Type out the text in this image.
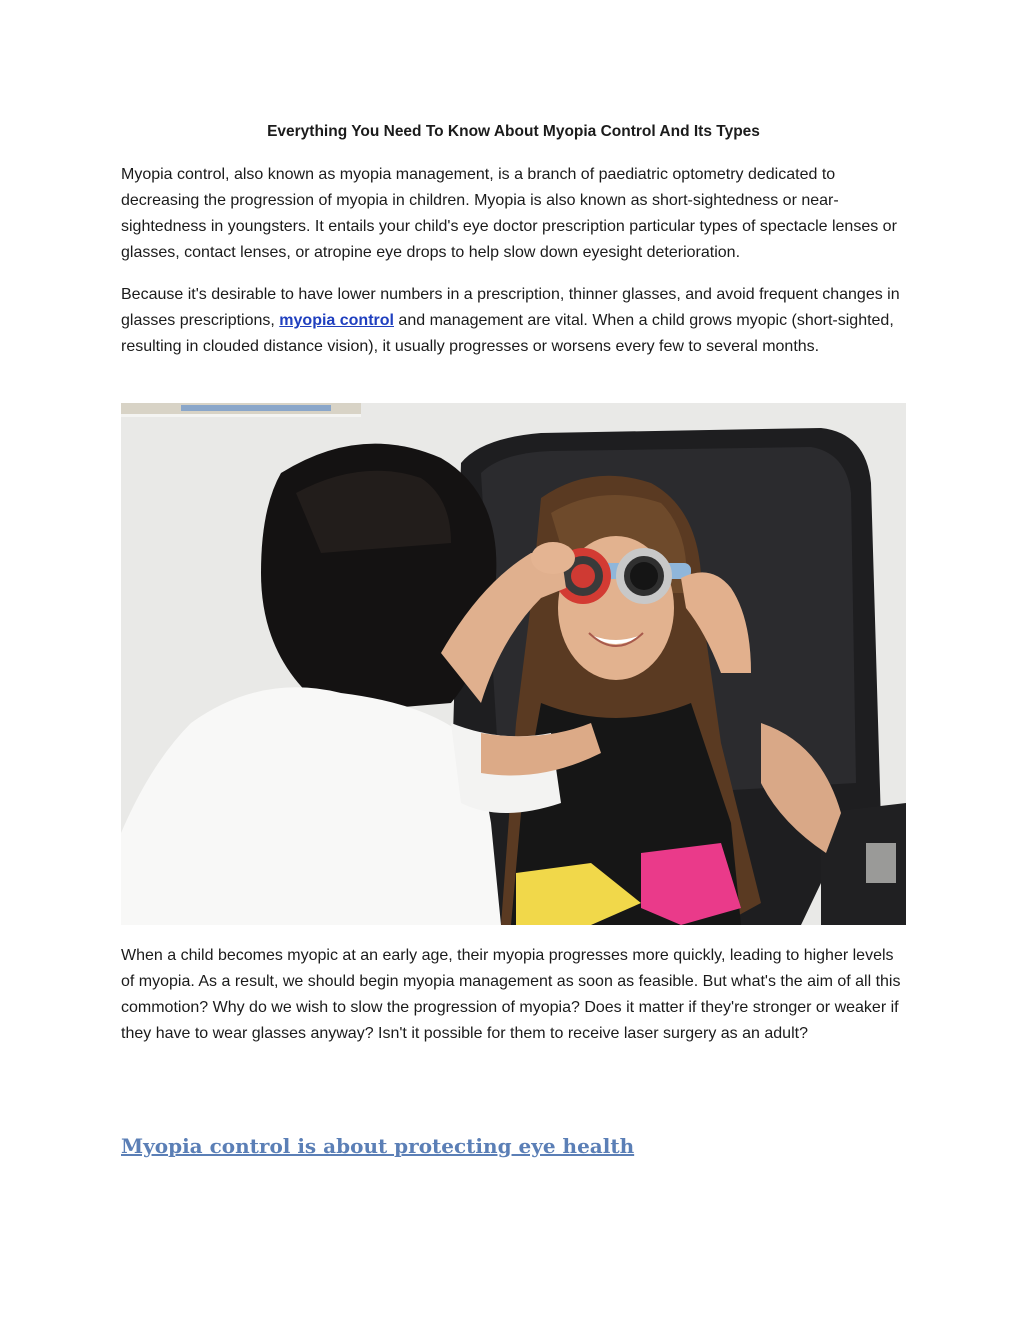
Everything You Need To Know About Myopia Control And Its Types

Myopia control, also known as myopia management, is a branch of paediatric optometry dedicated to decreasing the progression of myopia in children. Myopia is also known as short-sightedness or near-sightedness in youngsters. It entails your child's eye doctor prescription particular types of spectacle lenses or glasses, contact lenses, or atropine eye drops to help slow down eyesight deterioration.

Because it's desirable to have lower numbers in a prescription, thinner glasses, and avoid frequent changes in glasses prescriptions, myopia control and management are vital. When a child grows myopic (short-sighted, resulting in clouded distance vision), it usually progresses or worsens every few to several months.

When a child becomes myopic at an early age, their myopia progresses more quickly, leading to higher levels of myopia. As a result, we should begin myopia management as soon as feasible. But what's the aim of all this commotion? Why do we wish to slow the progression of myopia? Does it matter if they're stronger or weaker if they have to wear glasses anyway? Isn't it possible for them to receive laser surgery as an adult?

Myopia control is about protecting eye health
